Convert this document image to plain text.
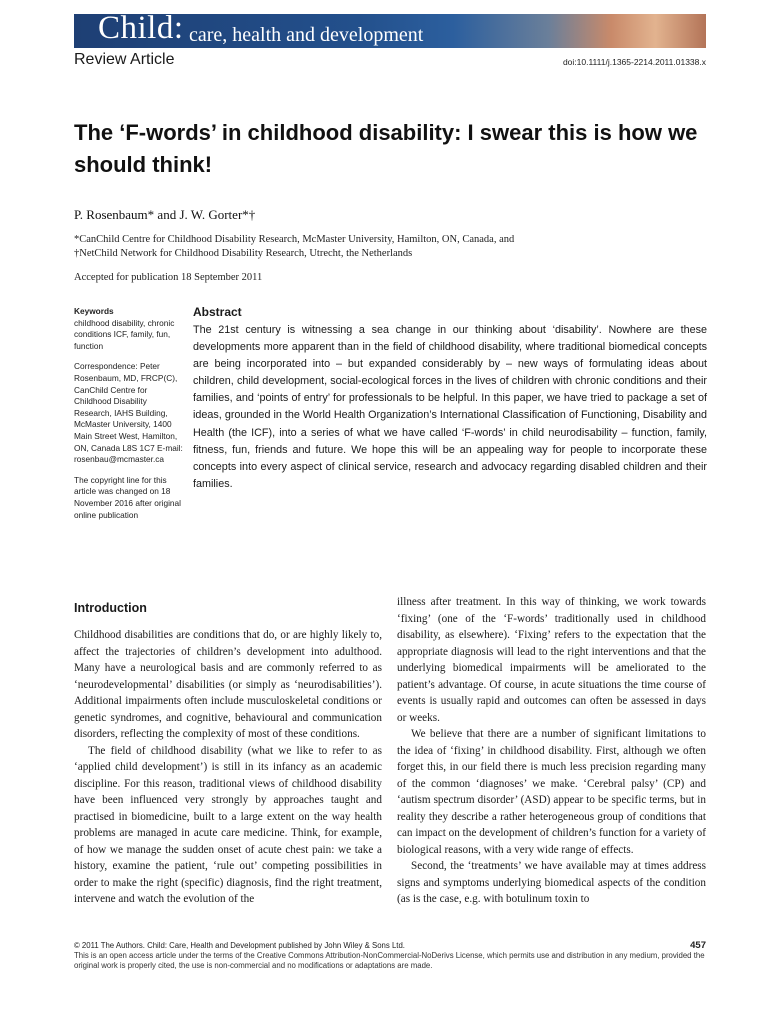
Child: care, health and development
Review Article	doi:10.1111/j.1365-2214.2011.01338.x
The ‘F-words’ in childhood disability: I swear this is how we should think!
P. Rosenbaum* and J. W. Gorter*†
*CanChild Centre for Childhood Disability Research, McMaster University, Hamilton, ON, Canada, and
†NetChild Network for Childhood Disability Research, Utrecht, the Netherlands
Accepted for publication 18 September 2011
Keywords
childhood disability, chronic conditions ICF, family, fun, function
Correspondence: Peter Rosenbaum, MD, FRCP(C), CanChild Centre for Childhood Disability Research, IAHS Building, McMaster University, 1400 Main Street West, Hamilton, ON, Canada L8S 1C7 E-mail: rosenbau@mcmaster.ca
The copyright line for this article was changed on 18 November 2016 after original online publication
Abstract
The 21st century is witnessing a sea change in our thinking about ‘disability’. Nowhere are these developments more apparent than in the field of childhood disability, where traditional biomedical concepts are being incorporated into – but expanded considerably by – new ways of formulating ideas about children, child development, social-ecological forces in the lives of children with chronic conditions and their families, and ‘points of entry’ for professionals to be helpful. In this paper, we have tried to package a set of ideas, grounded in the World Health Organization’s International Classification of Functioning, Disability and Health (the ICF), into a series of what we have called ‘F-words’ in child neurodisability – function, family, fitness, fun, friends and future. We hope this will be an appealing way for people to incorporate these concepts into every aspect of clinical service, research and advocacy regarding disabled children and their families.
Introduction

Childhood disabilities are conditions that do, or are highly likely to, affect the trajectories of children’s development into adulthood. Many have a neurological basis and are commonly referred to as ‘neurodevelopmental’ disabilities (or simply as ‘neurodisabilities’). Additional impairments often include musculoskeletal conditions or genetic syndromes, and cognitive, behavioural and communication disorders, reflecting the complexity of most of these conditions.

The field of childhood disability (what we like to refer to as ‘applied child development’) is still in its infancy as an academic discipline. For this reason, traditional views of childhood disability have been influenced very strongly by approaches taught and practised in biomedicine, built to a large extent on the way health problems are managed in acute care medicine. Think, for example, of how we manage the sudden onset of acute chest pain: we take a history, examine the patient, ‘rule out’ competing possibilities in order to make the right (specific) diagnosis, find the right treatment, intervene and watch the evolution of the

illness after treatment. In this way of thinking, we work towards ‘fixing’ (one of the ‘F-words’ traditionally used in childhood disability, as elsewhere). ‘Fixing’ refers to the expectation that the appropriate diagnosis will lead to the right interventions and that the underlying biomedical impairments will be ameliorated to the patient’s advantage. Of course, in acute situations the time course of events is usually rapid and outcomes can often be assessed in days or weeks.

We believe that there are a number of significant limitations to the idea of ‘fixing’ in childhood disability. First, although we often forget this, in our field there is much less precision regarding many of the common ‘diagnoses’ we make. ‘Cerebral palsy’ (CP) and ‘autism spectrum disorder’ (ASD) appear to be specific terms, but in reality they describe a rather heterogeneous group of conditions that can impact on the development of children’s function for a variety of biological reasons, with a very wide range of effects.

Second, the ‘treatments’ we have available may at times address signs and symptoms underlying biomedical aspects of the condition (as is the case, e.g. with botulinum toxin to

© 2011 The Authors. Child: Care, Health and Development published by John Wiley & Sons Ltd.
This is an open access article under the terms of the Creative Commons Attribution-NonCommercial-NoDerivs License, which permits use and distribution in any medium, provided the original work is properly cited, the use is non-commercial and no modifications or adaptations are made.
457
